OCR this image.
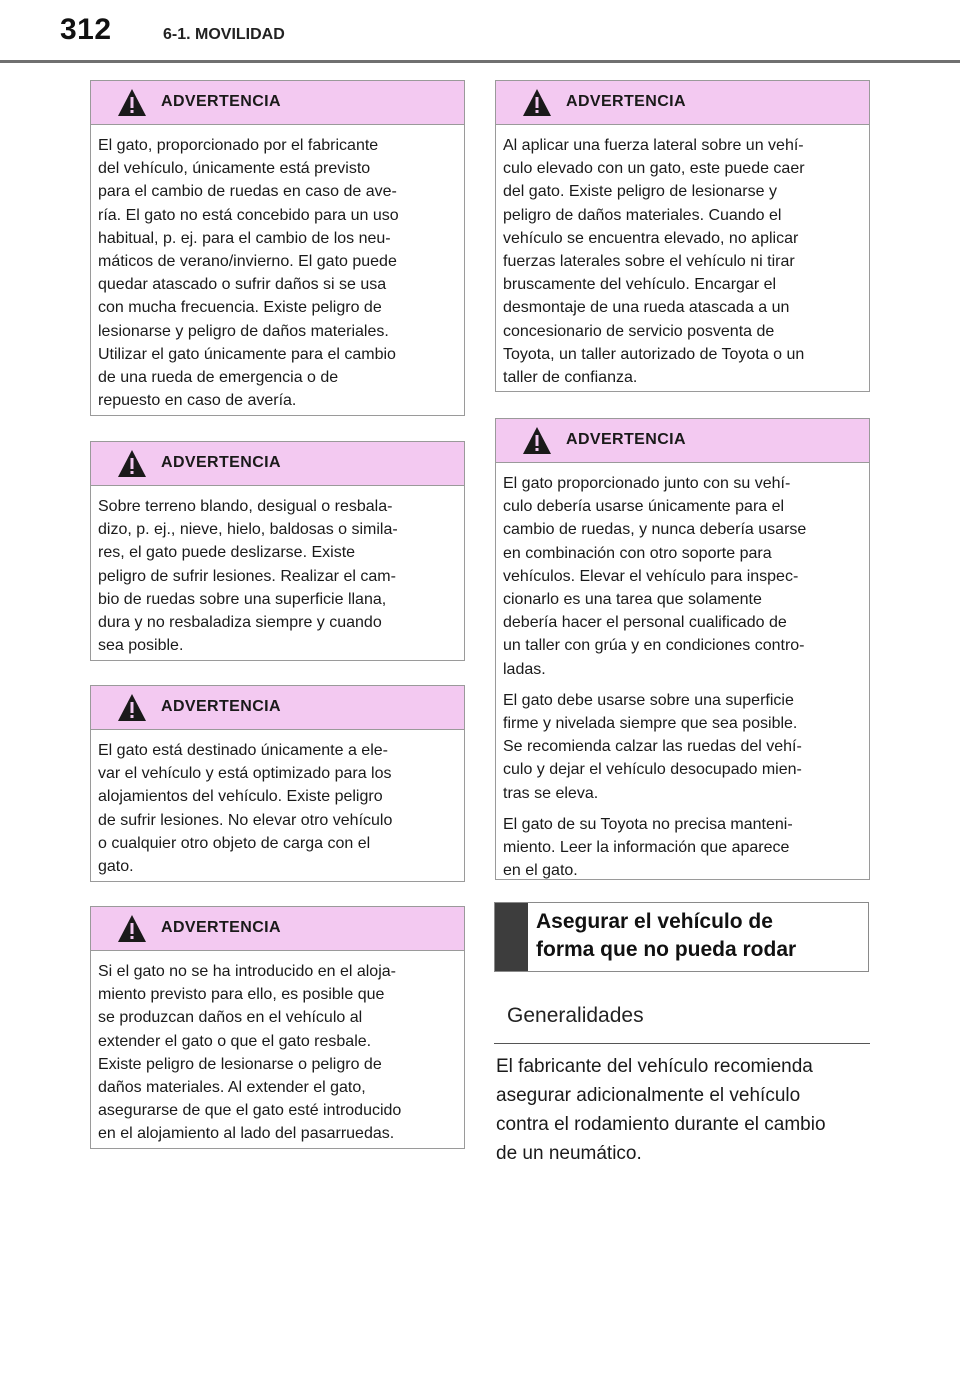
312	6-1. MOVILIDAD
ADVERTENCIA

El gato, proporcionado por el fabricante
del vehículo, únicamente está previsto
para el cambio de ruedas en caso de ave-
ría. El gato no está concebido para un uso
habitual, p. ej. para el cambio de los neu-
máticos de verano/invierno. El gato puede
quedar atascado o sufrir daños si se usa
con mucha frecuencia. Existe peligro de
lesionarse y peligro de daños materiales.
Utilizar el gato únicamente para el cambio
de una rueda de emergencia o de
repuesto en caso de avería.

ADVERTENCIA

Sobre terreno blando, desigual o resbala-
dizo, p. ej., nieve, hielo, baldosas o simila-
res, el gato puede deslizarse. Existe
peligro de sufrir lesiones. Realizar el cam-
bio de ruedas sobre una superficie llana,
dura y no resbaladiza siempre y cuando
sea posible.

ADVERTENCIA

El gato está destinado únicamente a ele-
var el vehículo y está optimizado para los
alojamientos del vehículo. Existe peligro
de sufrir lesiones. No elevar otro vehículo
o cualquier otro objeto de carga con el
gato.

ADVERTENCIA

Si el gato no se ha introducido en el aloja-
miento previsto para ello, es posible que
se produzcan daños en el vehículo al
extender el gato o que el gato resbale.
Existe peligro de lesionarse o peligro de
daños materiales. Al extender el gato,
asegurarse de que el gato esté introducido
en el alojamiento al lado del pasarruedas.

ADVERTENCIA

Al aplicar una fuerza lateral sobre un vehí-
culo elevado con un gato, este puede caer
del gato. Existe peligro de lesionarse y
peligro de daños materiales. Cuando el
vehículo se encuentra elevado, no aplicar
fuerzas laterales sobre el vehículo ni tirar
bruscamente del vehículo. Encargar el
desmontaje de una rueda atascada a un
concesionario de servicio posventa de
Toyota, un taller autorizado de Toyota o un
taller de confianza.

ADVERTENCIA

El gato proporcionado junto con su vehí-
culo debería usarse únicamente para el
cambio de ruedas, y nunca debería usarse
en combinación con otro soporte para
vehículos. Elevar el vehículo para inspec-
cionarlo es una tarea que solamente
debería hacer el personal cualificado de
un taller con grúa y en condiciones contro-
ladas.

El gato debe usarse sobre una superficie
firme y nivelada siempre que sea posible.
Se recomienda calzar las ruedas del vehí-
culo y dejar el vehículo desocupado mien-
tras se eleva.

El gato de su Toyota no precisa manteni-
miento. Leer la información que aparece
en el gato.

Asegurar el vehículo de
forma que no pueda rodar
Generalidades
El fabricante del vehículo recomienda
asegurar adicionalmente el vehículo
contra el rodamiento durante el cambio
de un neumático.
